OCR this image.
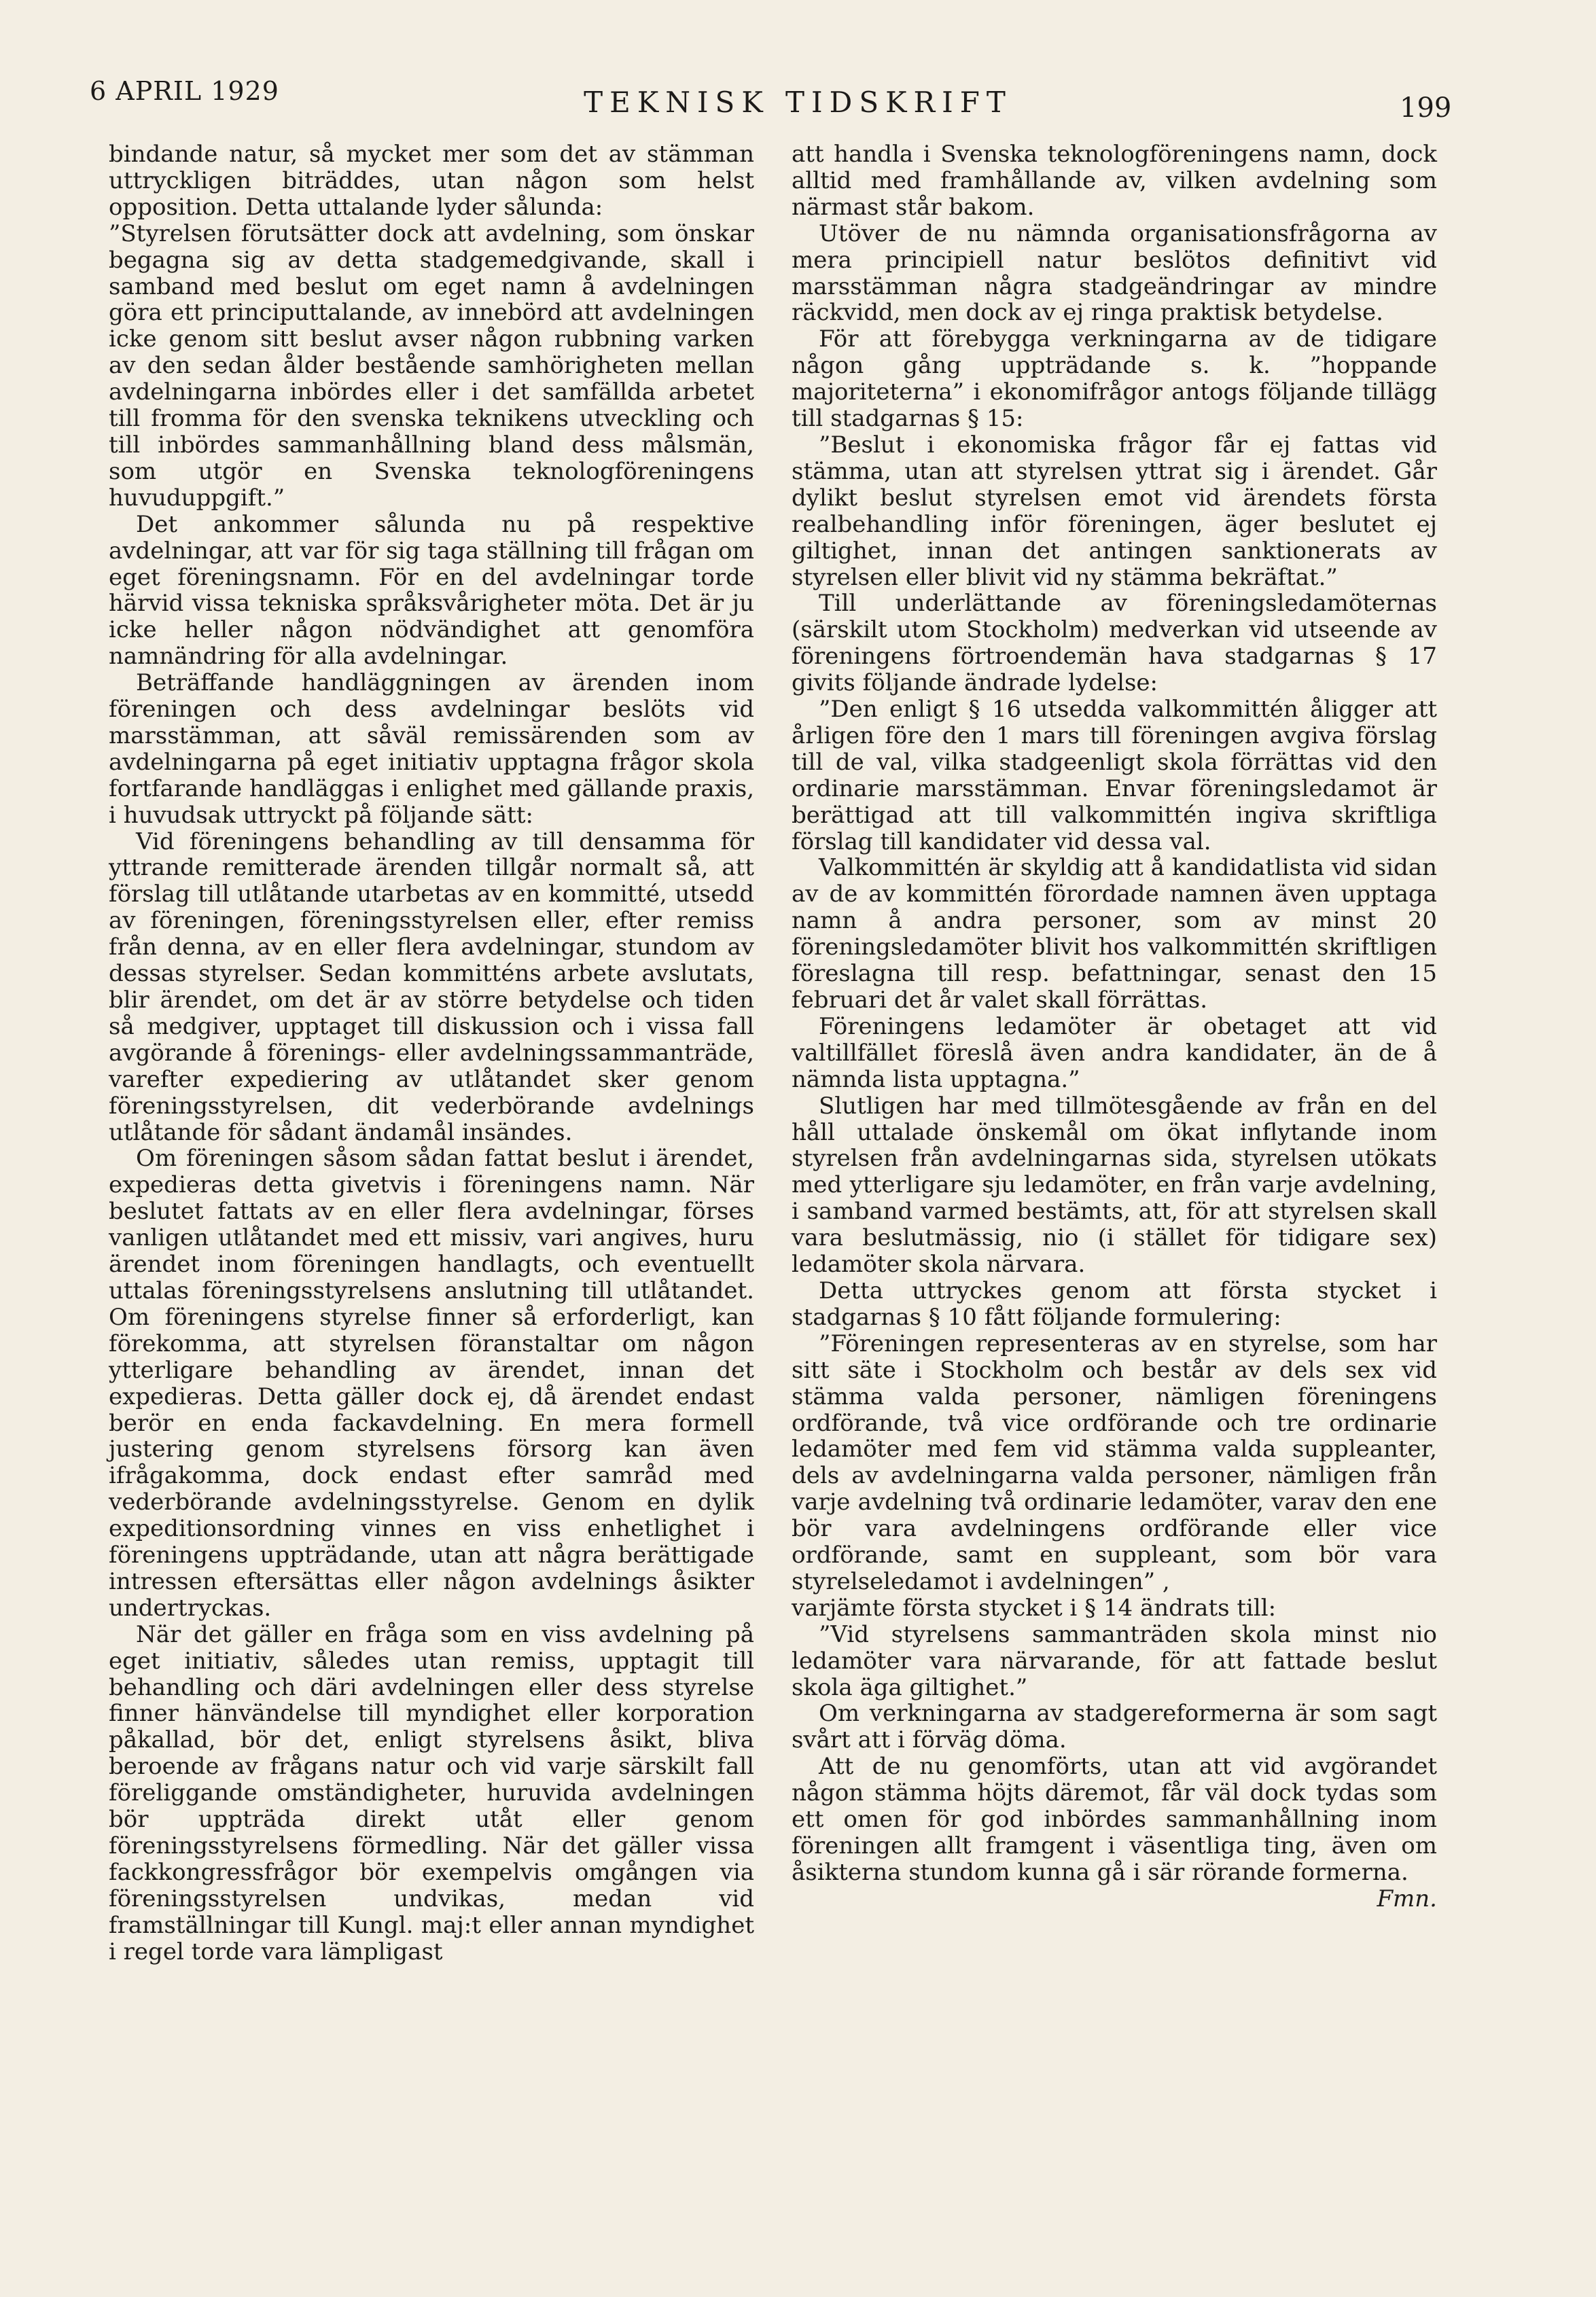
6 APRIL 1929	TEKNISK TIDSKRIFT	199

bindande natur, så mycket mer som det av stämman uttryckligen biträddes, utan någon som helst opposition. Detta uttalande lyder sålunda:

”Styrelsen förutsätter dock att avdelning, som önskar begagna sig av detta stadgemedgivande, skall i samband med beslut om eget namn å avdelningen göra ett principuttalande, av innebörd att avdelningen icke genom sitt beslut avser någon rubbning varken av den sedan ålder bestående samhörigheten mellan avdelningarna inbördes eller i det samfällda arbetet till fromma för den svenska teknikens utveckling och till inbördes sammanhållning bland dess målsmän, som utgör en Svenska teknologföreningens huvuduppgift.”

Det ankommer sålunda nu på respektive avdelningar, att var för sig taga ställning till frågan om eget föreningsnamn. För en del avdelningar torde härvid vissa tekniska språksvårigheter möta. Det är ju icke heller någon nödvändighet att genomföra namnändring för alla avdelningar.

Beträffande handläggningen av ärenden inom föreningen och dess avdelningar beslöts vid marsstämman, att såväl remissärenden som av avdelningarna på eget initiativ upptagna frågor skola fortfarande handläggas i enlighet med gällande praxis, i huvudsak uttryckt på följande sätt:

Vid föreningens behandling av till densamma för yttrande remitterade ärenden tillgår normalt så, att förslag till utlåtande utarbetas av en kommitté, utsedd av föreningen, föreningsstyrelsen eller, efter remiss från denna, av en eller flera avdelningar, stundom av dessas styrelser. Sedan kommitténs arbete avslutats, blir ärendet, om det är av större betydelse och tiden så medgiver, upptaget till diskussion och i vissa fall avgörande å förenings- eller avdelningssammanträde, varefter expediering av utlåtandet sker genom föreningsstyrelsen, dit vederbörande avdelnings utlåtande för sådant ändamål insändes.

Om föreningen såsom sådan fattat beslut i ärendet, expedieras detta givetvis i föreningens namn. När beslutet fattats av en eller flera avdelningar, förses vanligen utlåtandet med ett missiv, vari angives, huru ärendet inom föreningen handlagts, och eventuellt uttalas föreningsstyrelsens anslutning till utlåtandet. Om föreningens styrelse finner så erforderligt, kan förekomma, att styrelsen föranstaltar om någon ytterligare behandling av ärendet, innan det expedieras. Detta gäller dock ej, då ärendet endast berör en enda fackavdelning. En mera formell justering genom styrelsens försorg kan även ifrågakomma, dock endast efter samråd med vederbörande avdelningsstyrelse. Genom en dylik expeditionsordning vinnes en viss enhetlighet i föreningens uppträdande, utan att några berättigade intressen eftersättas eller någon avdelnings åsikter undertryckas.

När det gäller en fråga som en viss avdelning på eget initiativ, således utan remiss, upptagit till behandling och däri avdelningen eller dess styrelse finner hänvändelse till myndighet eller korporation påkallad, bör det, enligt styrelsens åsikt, bliva beroende av frågans natur och vid varje särskilt fall föreliggande omständigheter, huruvida avdelningen bör uppträda direkt utåt eller genom föreningsstyrelsens förmedling. När det gäller vissa fackkongressfrågor bör exempelvis omgången via föreningsstyrelsen undvikas, medan vid framställningar till Kungl. maj:t eller annan myndighet i regel torde vara lämpligast

att handla i Svenska teknologföreningens namn, dock alltid med framhållande av, vilken avdelning som närmast står bakom.

Utöver de nu nämnda organisationsfrågorna av mera principiell natur beslötos definitivt vid marsstämman några stadgeändringar av mindre räckvidd, men dock av ej ringa praktisk betydelse.

För att förebygga verkningarna av de tidigare någon gång uppträdande s. k. ”hoppande majoriteterna” i ekonomifrågor antogs följande tillägg till stadgarnas § 15:

”Beslut i ekonomiska frågor får ej fattas vid stämma, utan att styrelsen yttrat sig i ärendet. Går dylikt beslut styrelsen emot vid ärendets första realbehandling inför föreningen, äger beslutet ej giltighet, innan det antingen sanktionerats av styrelsen eller blivit vid ny stämma bekräftat.”

Till underlättande av föreningsledamöternas (särskilt utom Stockholm) medverkan vid utseende av föreningens förtroendemän hava stadgarnas § 17 givits följande ändrade lydelse:

”Den enligt § 16 utsedda valkommittén åligger att årligen före den 1 mars till föreningen avgiva förslag till de val, vilka stadgeenligt skola förrättas vid den ordinarie marsstämman. Envar föreningsledamot är berättigad att till valkommittén ingiva skriftliga förslag till kandidater vid dessa val.

Valkommittén är skyldig att å kandidatlista vid sidan av de av kommittén förordade namnen även upptaga namn å andra personer, som av minst 20 föreningsledamöter blivit hos valkommittén skriftligen föreslagna till resp. befattningar, senast den 15 februari det år valet skall förrättas.

Föreningens ledamöter är obetaget att vid valtillfället föreslå även andra kandidater, än de å nämnda lista upptagna.”

Slutligen har med tillmötesgående av från en del håll uttalade önskemål om ökat inflytande inom styrelsen från avdelningarnas sida, styrelsen utökats med ytterligare sju ledamöter, en från varje avdelning, i samband varmed bestämts, att, för att styrelsen skall vara beslutmässig, nio (i stället för tidigare sex) ledamöter skola närvara.

Detta uttryckes genom att första stycket i stadgarnas § 10 fått följande formulering:

”Föreningen representeras av en styrelse, som har sitt säte i Stockholm och består av dels sex vid stämma valda personer, nämligen föreningens ordförande, två vice ordförande och tre ordinarie ledamöter med fem vid stämma valda suppleanter, dels av avdelningarna valda personer, nämligen från varje avdelning två ordinarie ledamöter, varav den ene bör vara avdelningens ordförande eller vice ordförande, samt en suppleant, som bör vara styrelseledamot i avdelningen” ,

varjämte första stycket i § 14 ändrats till:

”Vid styrelsens sammanträden skola minst nio ledamöter vara närvarande, för att fattade beslut skola äga giltighet.”

Om verkningarna av stadgereformerna är som sagt svårt att i förväg döma.

Att de nu genomförts, utan att vid avgörandet någon stämma höjts däremot, får väl dock tydas som ett omen för god inbördes sammanhållning inom föreningen allt framgent i väsentliga ting, även om åsikterna stundom kunna gå i sär rörande formerna.
Fmn.
